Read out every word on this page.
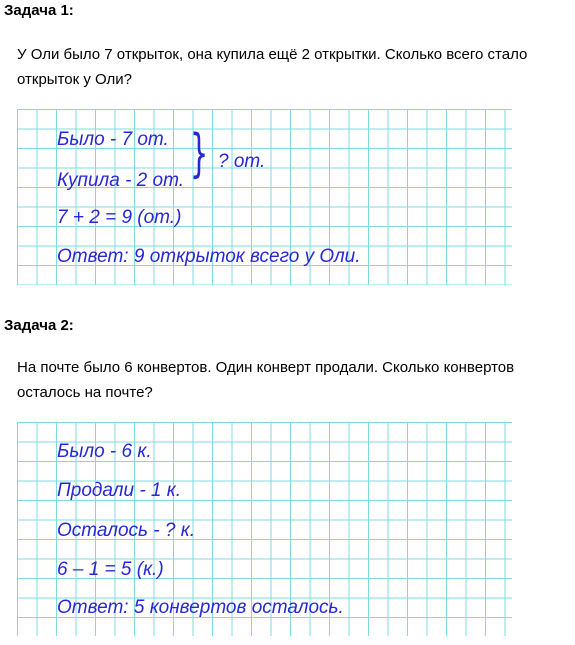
Задача 1:

У Оли было 7 открыток, она купила ещё 2 открытки. Сколько всего стало открыток у Оли?

Было - 7 от. } ? от.
Купила - 2 от.
7 + 2 = 9 (от.)
Ответ: 9 открыток всего у Оли.
Задача 2:

На почте было 6 конвертов. Один конверт продали. Сколько конвертов осталось на почте?

Было - 6 к.
Продали - 1 к.
Осталось - ? к.
6 – 1 = 5 (к.)
Ответ: 5 конвертов осталось.
